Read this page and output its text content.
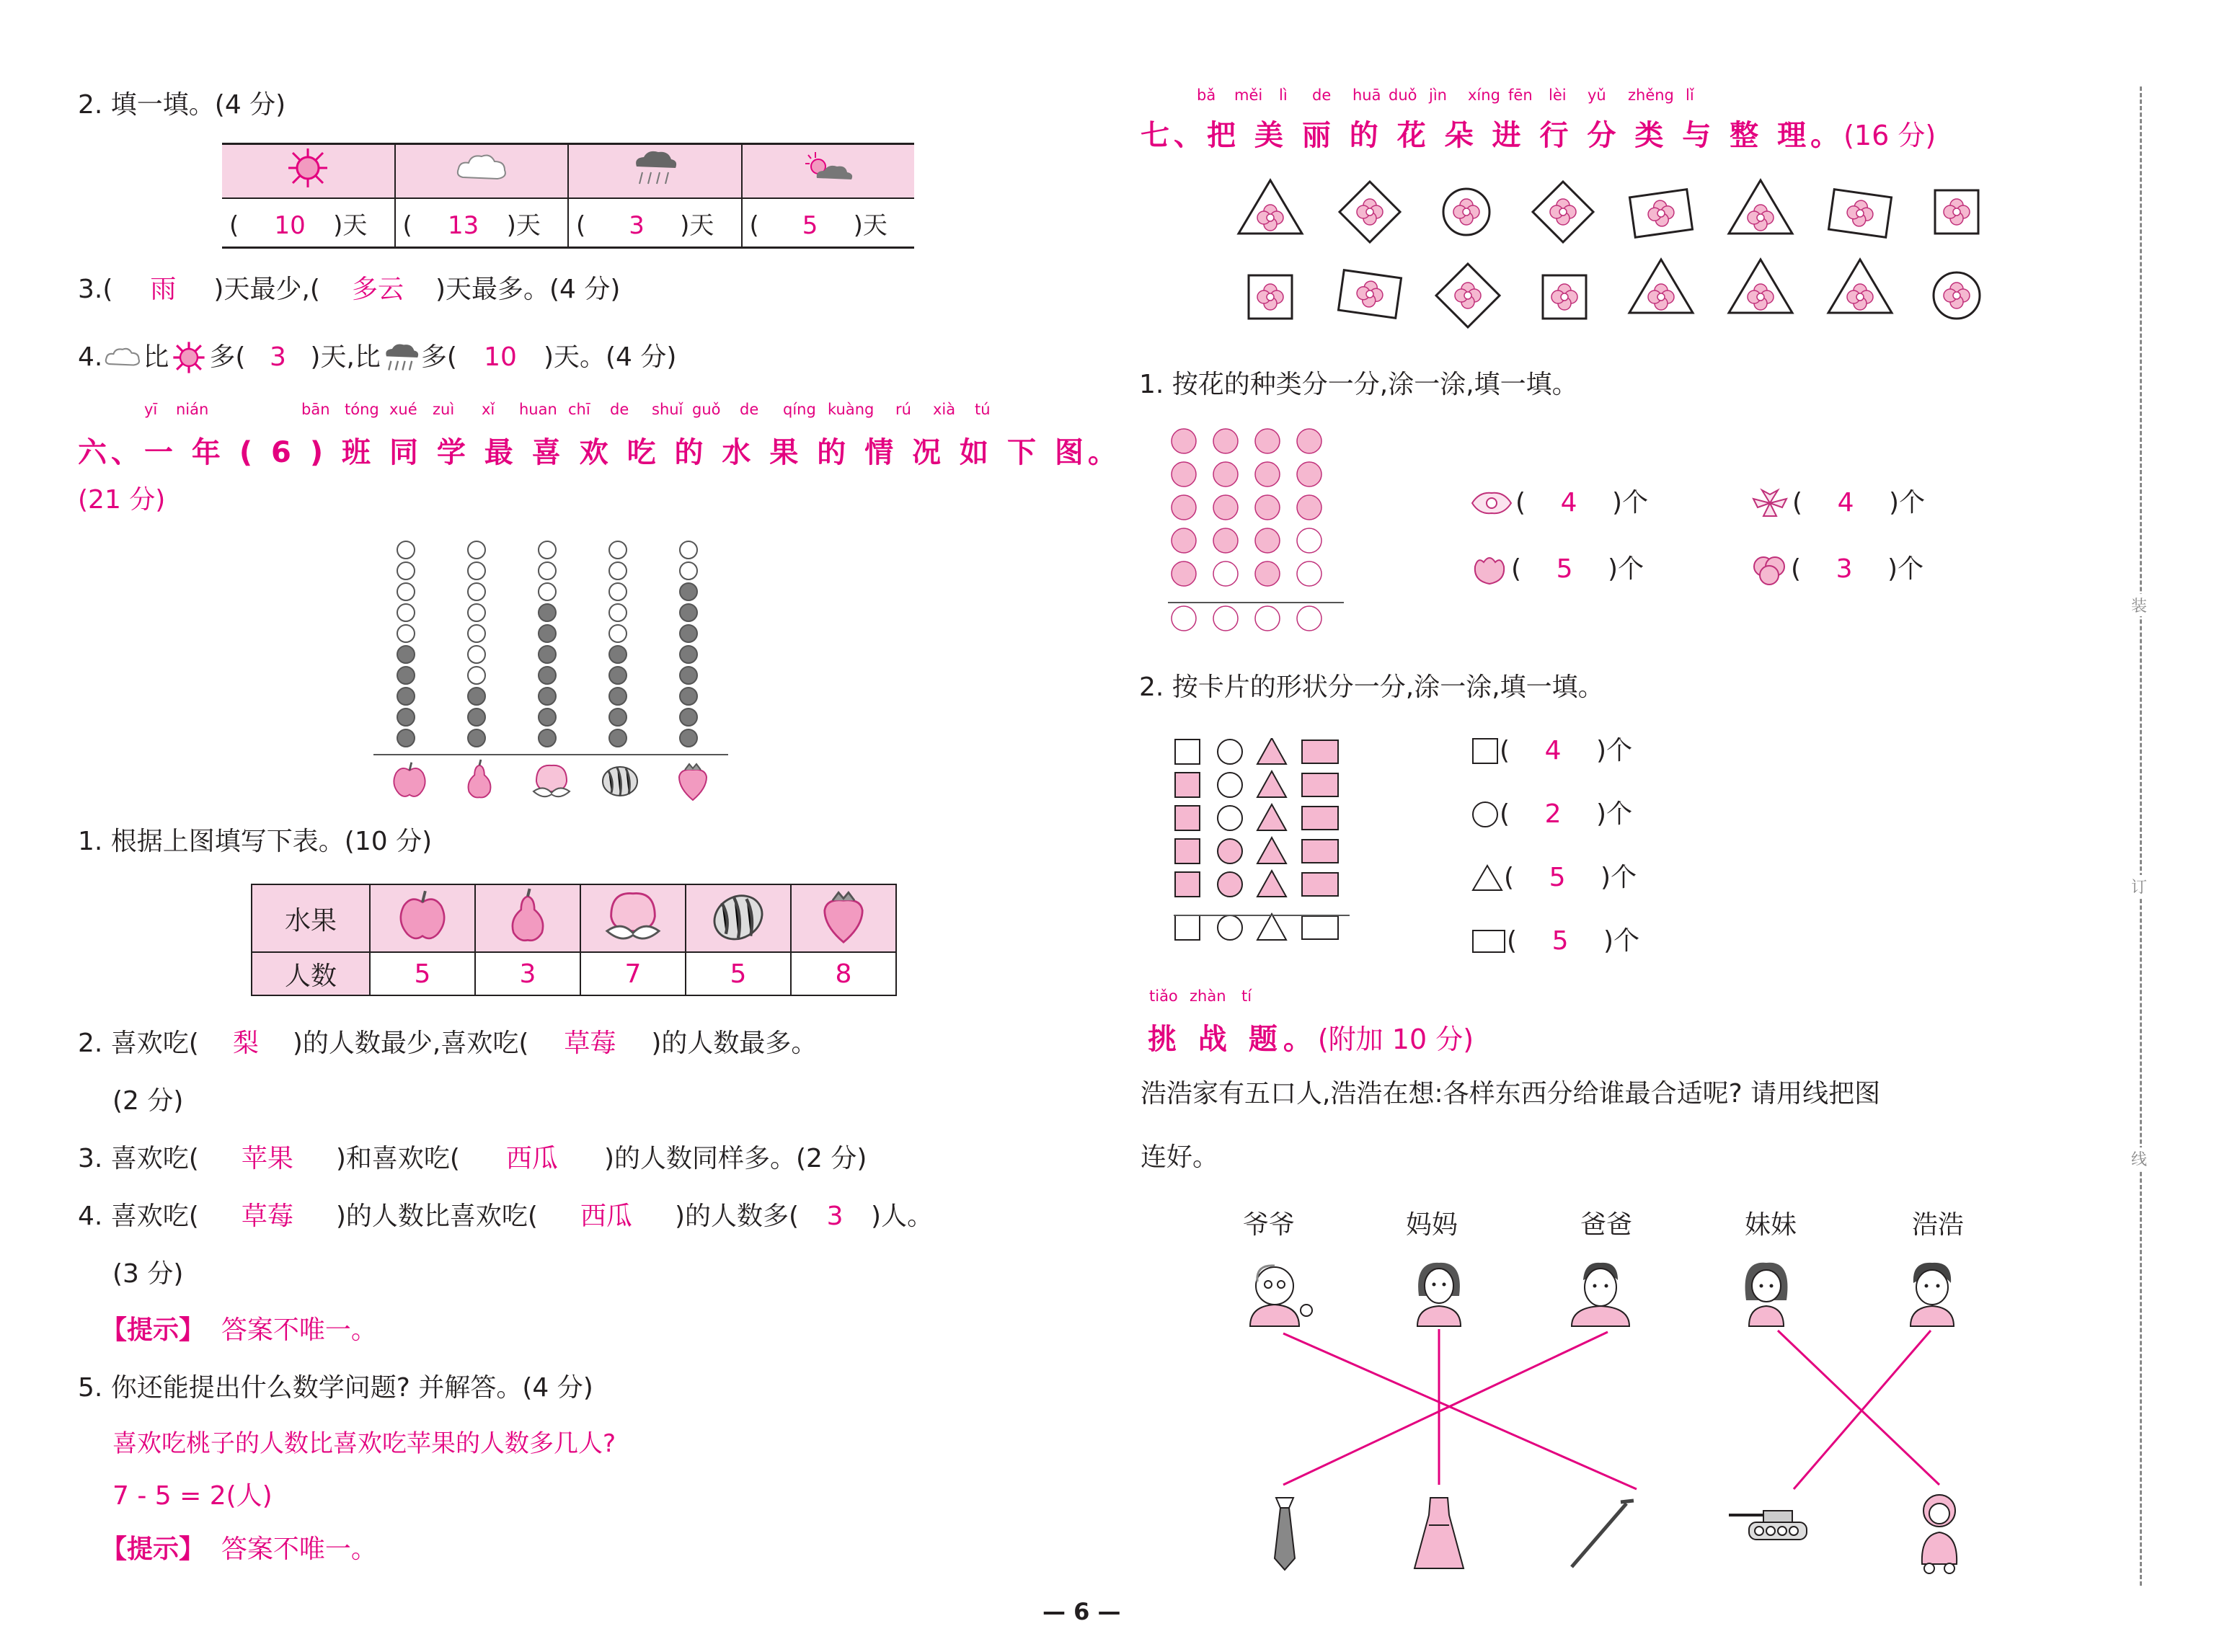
2. 填一填。(4 分)

( 10 )天	( 13 )天	( 3 )天	( 5 )天
3.( 雨 )天最少,( 多云 )天最多。(4 分)
4. 比 多( 3 )天,比 多(	10	)天。(4 分)
yī nián	bān tóng xué zuì xǐ huan chī de shuǐ guǒ de qíng kuàng rú xià tú
六、一 年 ( 6 ) 班 同 学 最 喜 欢 吃 的 水 果 的 情 况 如 下 图。
(21 分)
1. 根据上图填写下表。(10 分)
水果					
人数	5	3	7	5	8
2. 喜欢吃( 梨 )的人数最少,喜欢吃( 草莓 )的人数最多。
(2 分)
3. 喜欢吃( 苹果 )和喜欢吃( 西瓜 )的人数同样多。(2 分)
4. 喜欢吃( 草莓 )的人数比喜欢吃( 西瓜 )的人数多( 3 )人。
(3 分)
【提示】 答案不唯一。
5. 你还能提出什么数学问题? 并解答。(4 分)
喜欢吃桃子的人数比喜欢吃苹果的人数多几人?
7 - 5 = 2(人)
【提示】 答案不唯一。
bǎ měi lì de huā duǒ jìn xíng fēn lèi yǔ zhěng lǐ
七、把 美 丽 的 花 朵 进 行 分 类 与 整 理。(16 分)
1. 按花的种类分一分,涂一涂,填一填。
(	4	)个	(	4	)个
(	5	)个	(	3	)个
2. 按卡片的形状分一分,涂一涂,填一填。
(	4	)个
(	2	)个
(	5	)个
(	5	)个
tiǎo zhàn tí
挑 战 题。(附加 10 分)
浩浩家有五口人,浩浩在想:各样东西分给谁最合适呢? 请用线把图
连好。
爷爷	妈妈	爸爸	妹妹	浩浩
装
订
线
— 6 —
